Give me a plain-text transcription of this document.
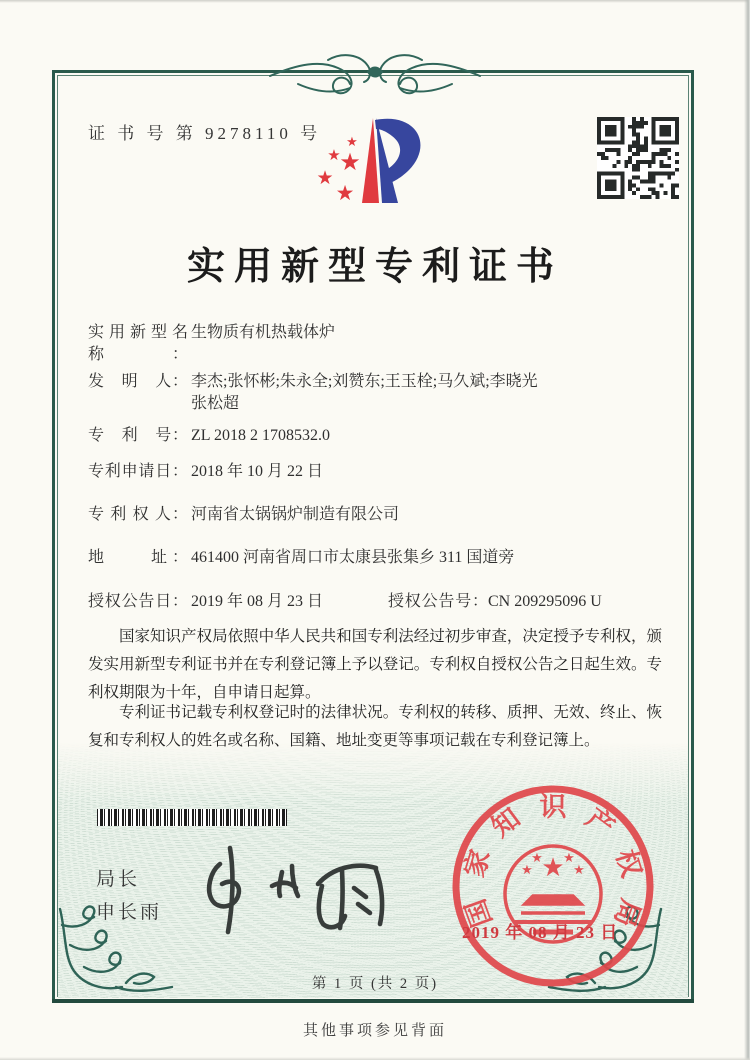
证 书 号 第 9278110 号 ★
★
★
★
★
实用新型专利证书
实用新型名称：生物质有机热载体炉
发　明　人： 李杰;张怀彬;朱永全;刘赞东;王玉栓;马久斌;李晓光
张松超
专　利　号： ZL 2018 2 1708532.0
专利申请日： 2018 年 10 月 22 日
专 利 权 人： 河南省太锅锅炉制造有限公司
地　　址： 461400 河南省周口市太康县张集乡 311 国道旁
授权公告日： 2019 年 08 月 23 日	授权公告号：CN 209295096 U
国家知识产权局依照中华人民共和国专利法经过初步审查，决定授予专利权，颁发实用新型专利证书并在专利登记簿上予以登记。专利权自授权公告之日起生效。专利权期限为十年，自申请日起算。
专利证书记载专利权登记时的法律状况。专利权的转移、质押、无效、终止、恢复和专利权人的姓名或名称、国籍、地址变更等事项记载在专利登记簿上。
局长
申长雨	国
家
知 识 产
权
局
★
★	★
★ ★
2019 年 08 月 23 日
第 1 页 (共 2 页)
其他事项参见背面
